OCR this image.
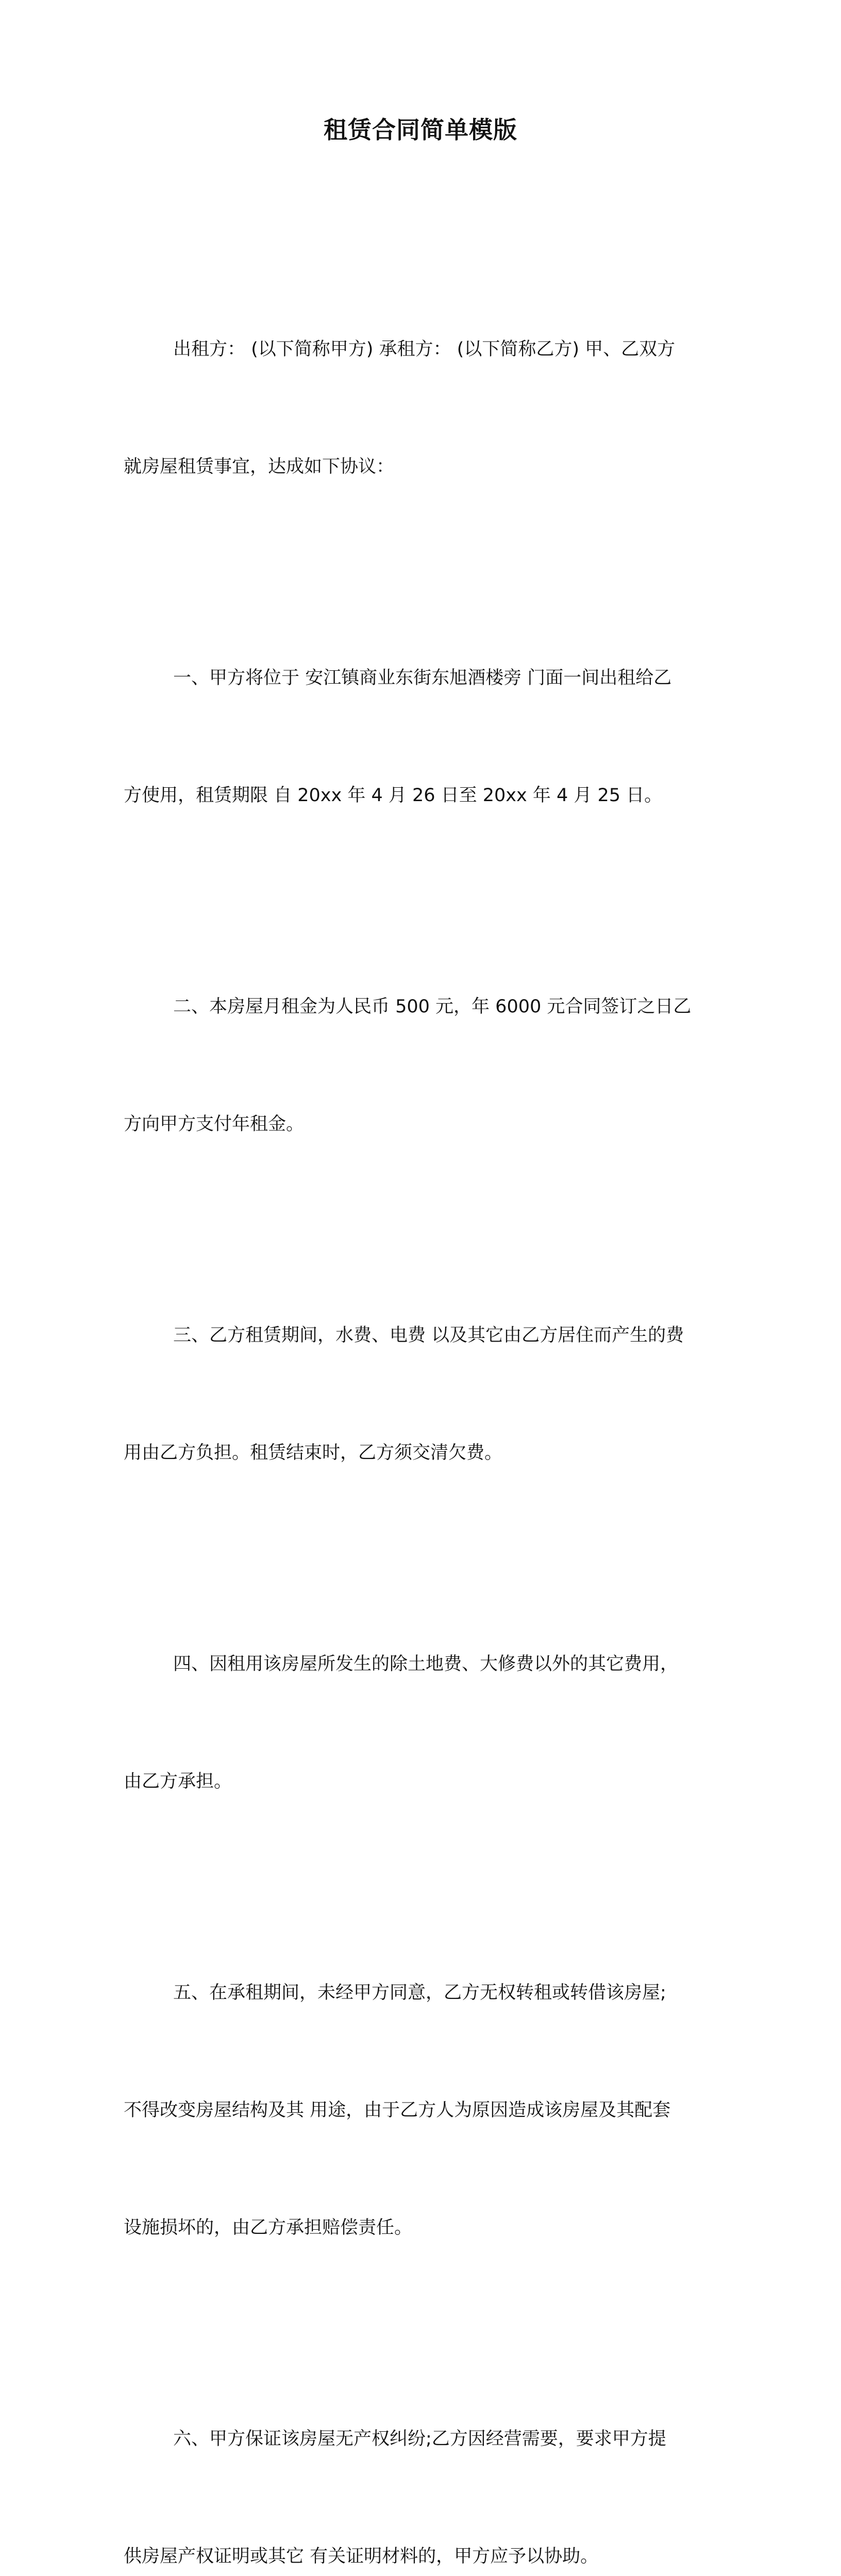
租赁合同简单模版

出租方： (以下简称甲方) 承租方： (以下简称乙方) 甲、乙双方

就房屋租赁事宜，达成如下协议：

一、甲方将位于 安江镇商业东街东旭酒楼旁 门面一间出租给乙

方使用，租赁期限 自 20xx 年 4 月 26 日至 20xx 年 4 月 25 日。

二、本房屋月租金为人民币 500 元，年 6000 元合同签订之日乙

方向甲方支付年租金。

三、乙方租赁期间，水费、电费 以及其它由乙方居住而产生的费

用由乙方负担。租赁结束时，乙方须交清欠费。

四、因租用该房屋所发生的除土地费、大修费以外的其它费用，

由乙方承担。

五、在承租期间，未经甲方同意，乙方无权转租或转借该房屋;

不得改变房屋结构及其 用途，由于乙方人为原因造成该房屋及其配套

设施损坏的，由乙方承担赔偿责任。

六、甲方保证该房屋无产权纠纷;乙方因经营需要，要求甲方提

供房屋产权证明或其它 有关证明材料的，甲方应予以协助。
